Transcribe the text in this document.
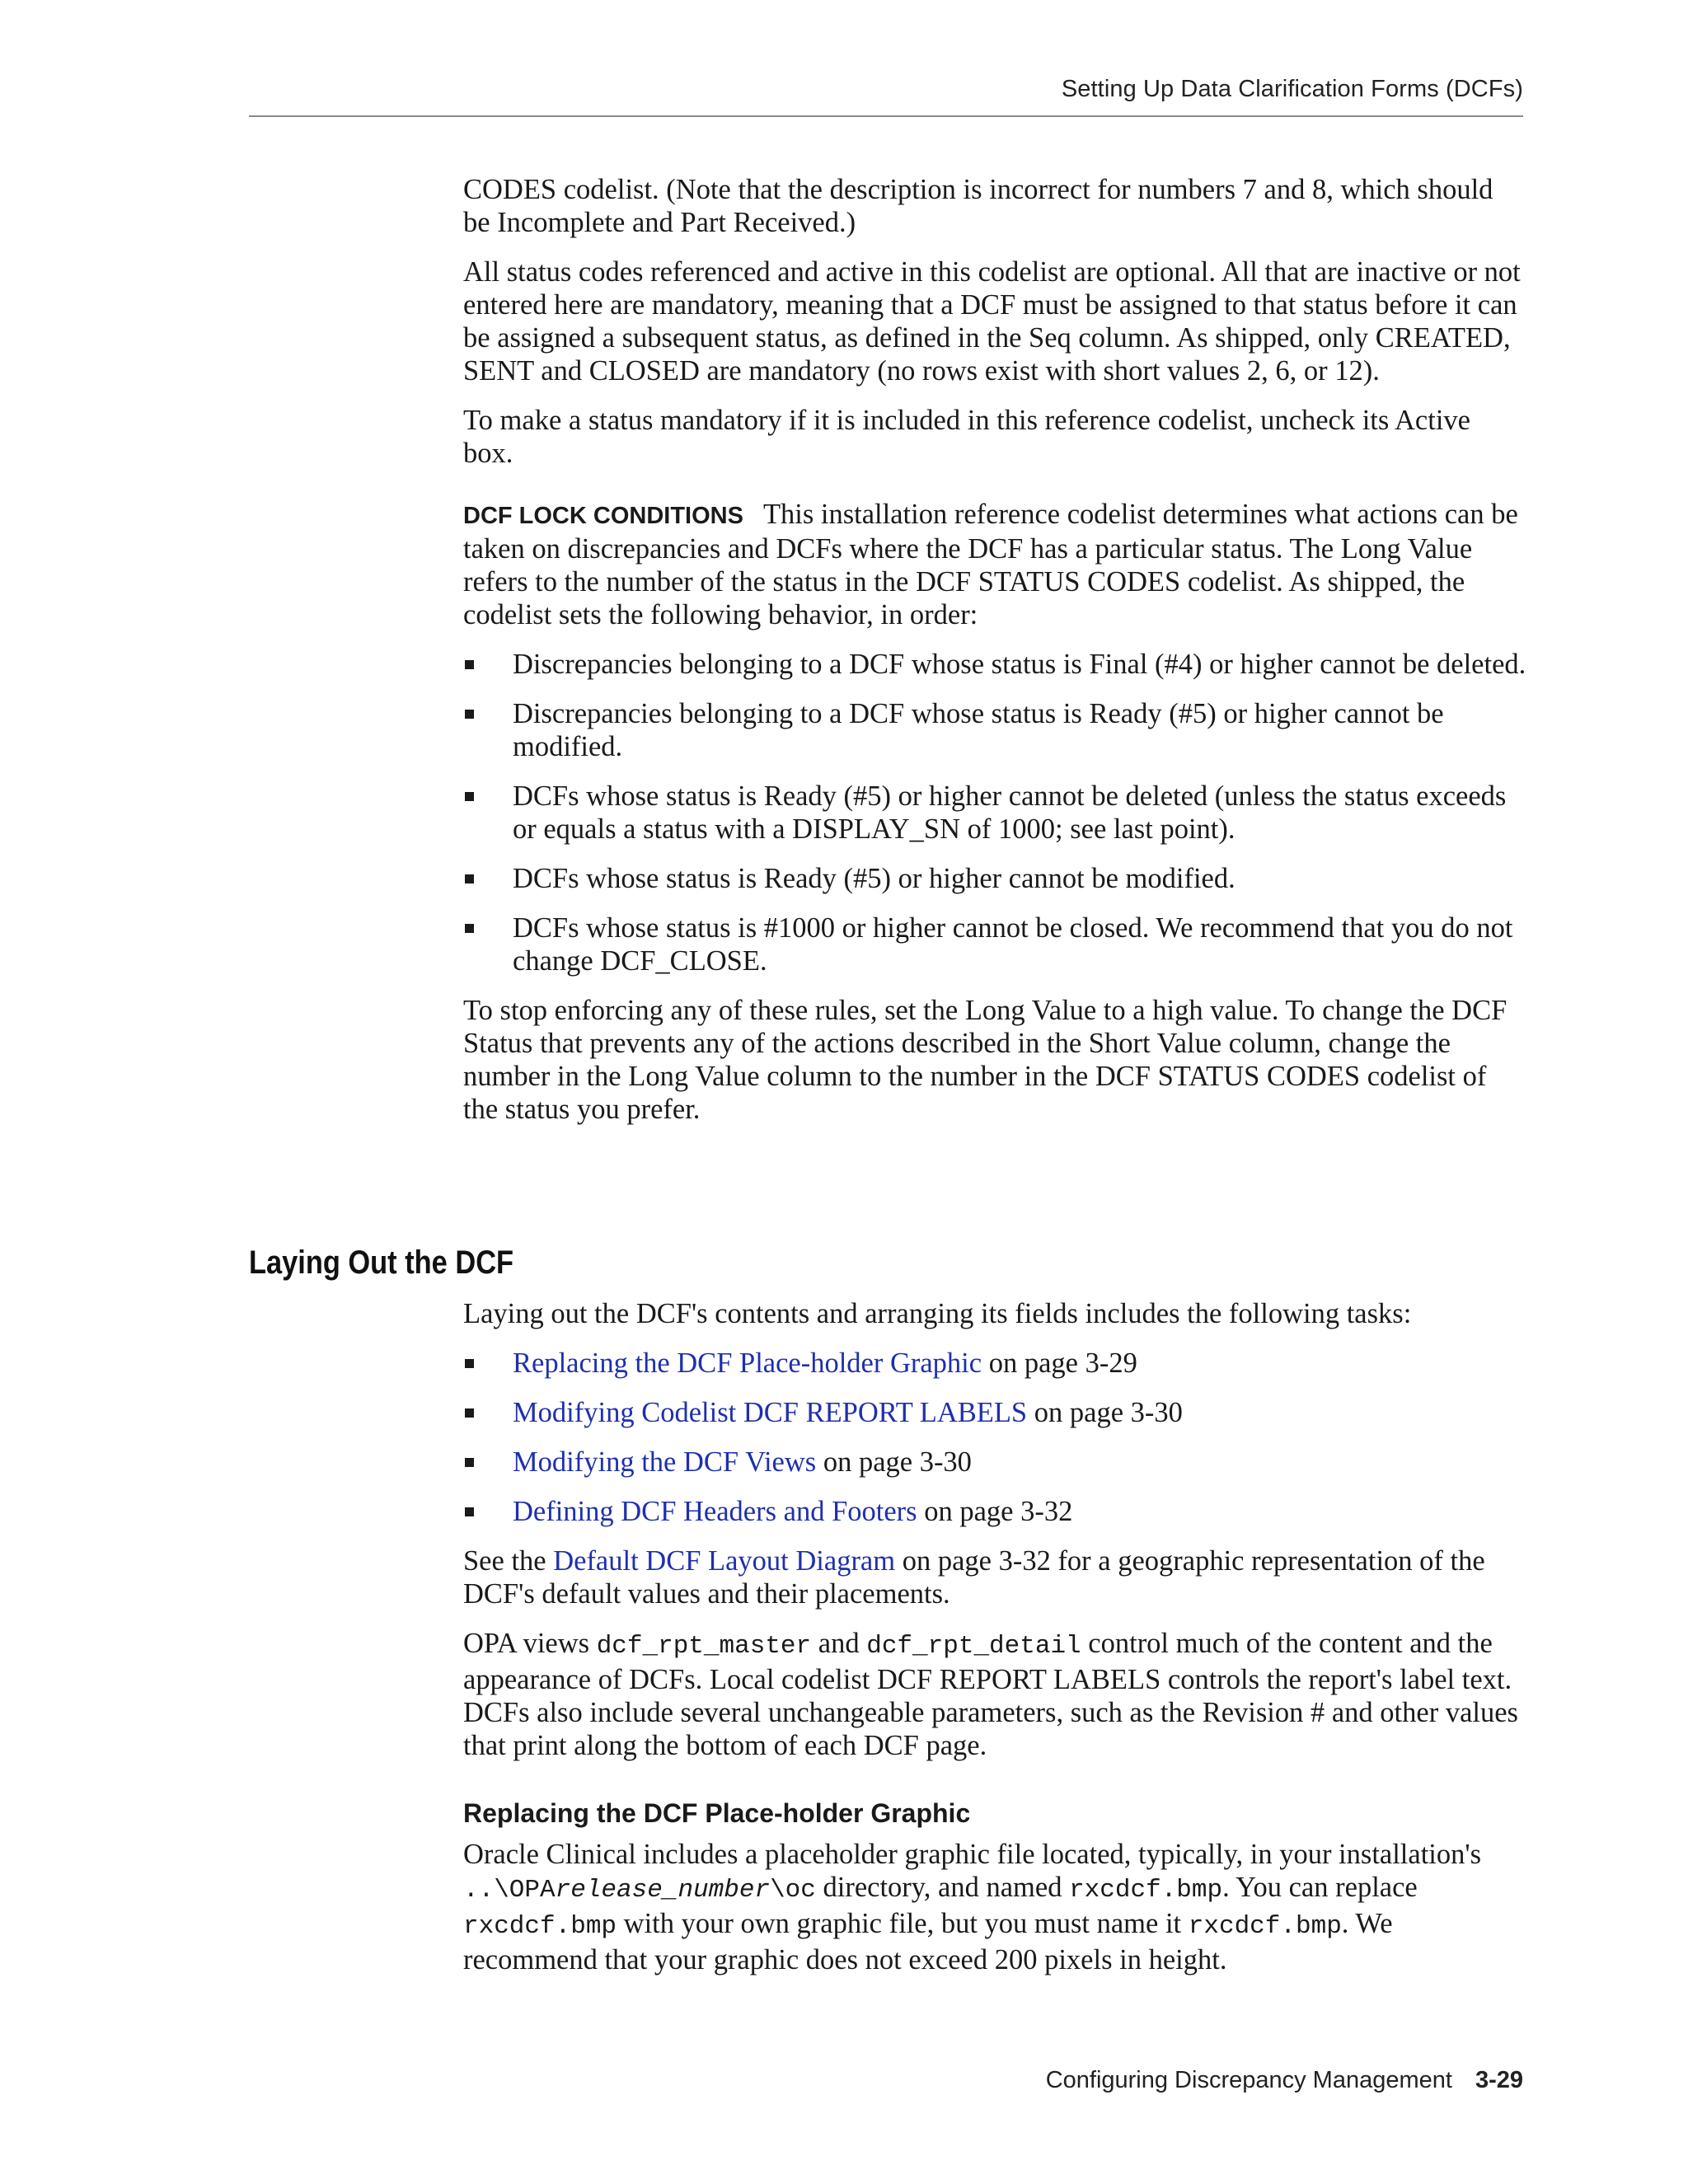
Setting Up Data Clarification Forms (DCFs)

CODES codelist. (Note that the description is incorrect for numbers 7 and 8, which should be Incomplete and Part Received.)

All status codes referenced and active in this codelist are optional. All that are inactive or not entered here are mandatory, meaning that a DCF must be assigned to that status before it can be assigned a subsequent status, as defined in the Seq column. As shipped, only CREATED, SENT and CLOSED are mandatory (no rows exist with short values 2, 6, or 12).

To make a status mandatory if it is included in this reference codelist, uncheck its Active box.

DCF LOCK CONDITIONS This installation reference codelist determines what actions can be taken on discrepancies and DCFs where the DCF has a particular status. The Long Value refers to the number of the status in the DCF STATUS CODES codelist. As shipped, the codelist sets the following behavior, in order:

Discrepancies belonging to a DCF whose status is Final (#4) or higher cannot be deleted.
Discrepancies belonging to a DCF whose status is Ready (#5) or higher cannot be modified.
DCFs whose status is Ready (#5) or higher cannot be deleted (unless the status exceeds or equals a status with a DISPLAY_SN of 1000; see last point).
DCFs whose status is Ready (#5) or higher cannot be modified.
DCFs whose status is #1000 or higher cannot be closed. We recommend that you do not change DCF_CLOSE.

To stop enforcing any of these rules, set the Long Value to a high value. To change the DCF Status that prevents any of the actions described in the Short Value column, change the number in the Long Value column to the number in the DCF STATUS CODES codelist of the status you prefer.

Laying Out the DCF

Laying out the DCF's contents and arranging its fields includes the following tasks:

Replacing the DCF Place-holder Graphic on page 3-29
Modifying Codelist DCF REPORT LABELS on page 3-30
Modifying the DCF Views on page 3-30
Defining DCF Headers and Footers on page 3-32

See the Default DCF Layout Diagram on page 3-32 for a geographic representation of the DCF's default values and their placements.

OPA views dcf_rpt_master and dcf_rpt_detail control much of the content and the appearance of DCFs. Local codelist DCF REPORT LABELS controls the report's label text. DCFs also include several unchangeable parameters, such as the Revision # and other values that print along the bottom of each DCF page.

Replacing the DCF Place-holder Graphic

Oracle Clinical includes a placeholder graphic file located, typically, in your installation's ..\OPArelease_number\oc directory, and named rxcdcf.bmp. You can replace rxcdcf.bmp with your own graphic file, but you must name it rxcdcf.bmp. We recommend that your graphic does not exceed 200 pixels in height.

Configuring Discrepancy Management 3-29
